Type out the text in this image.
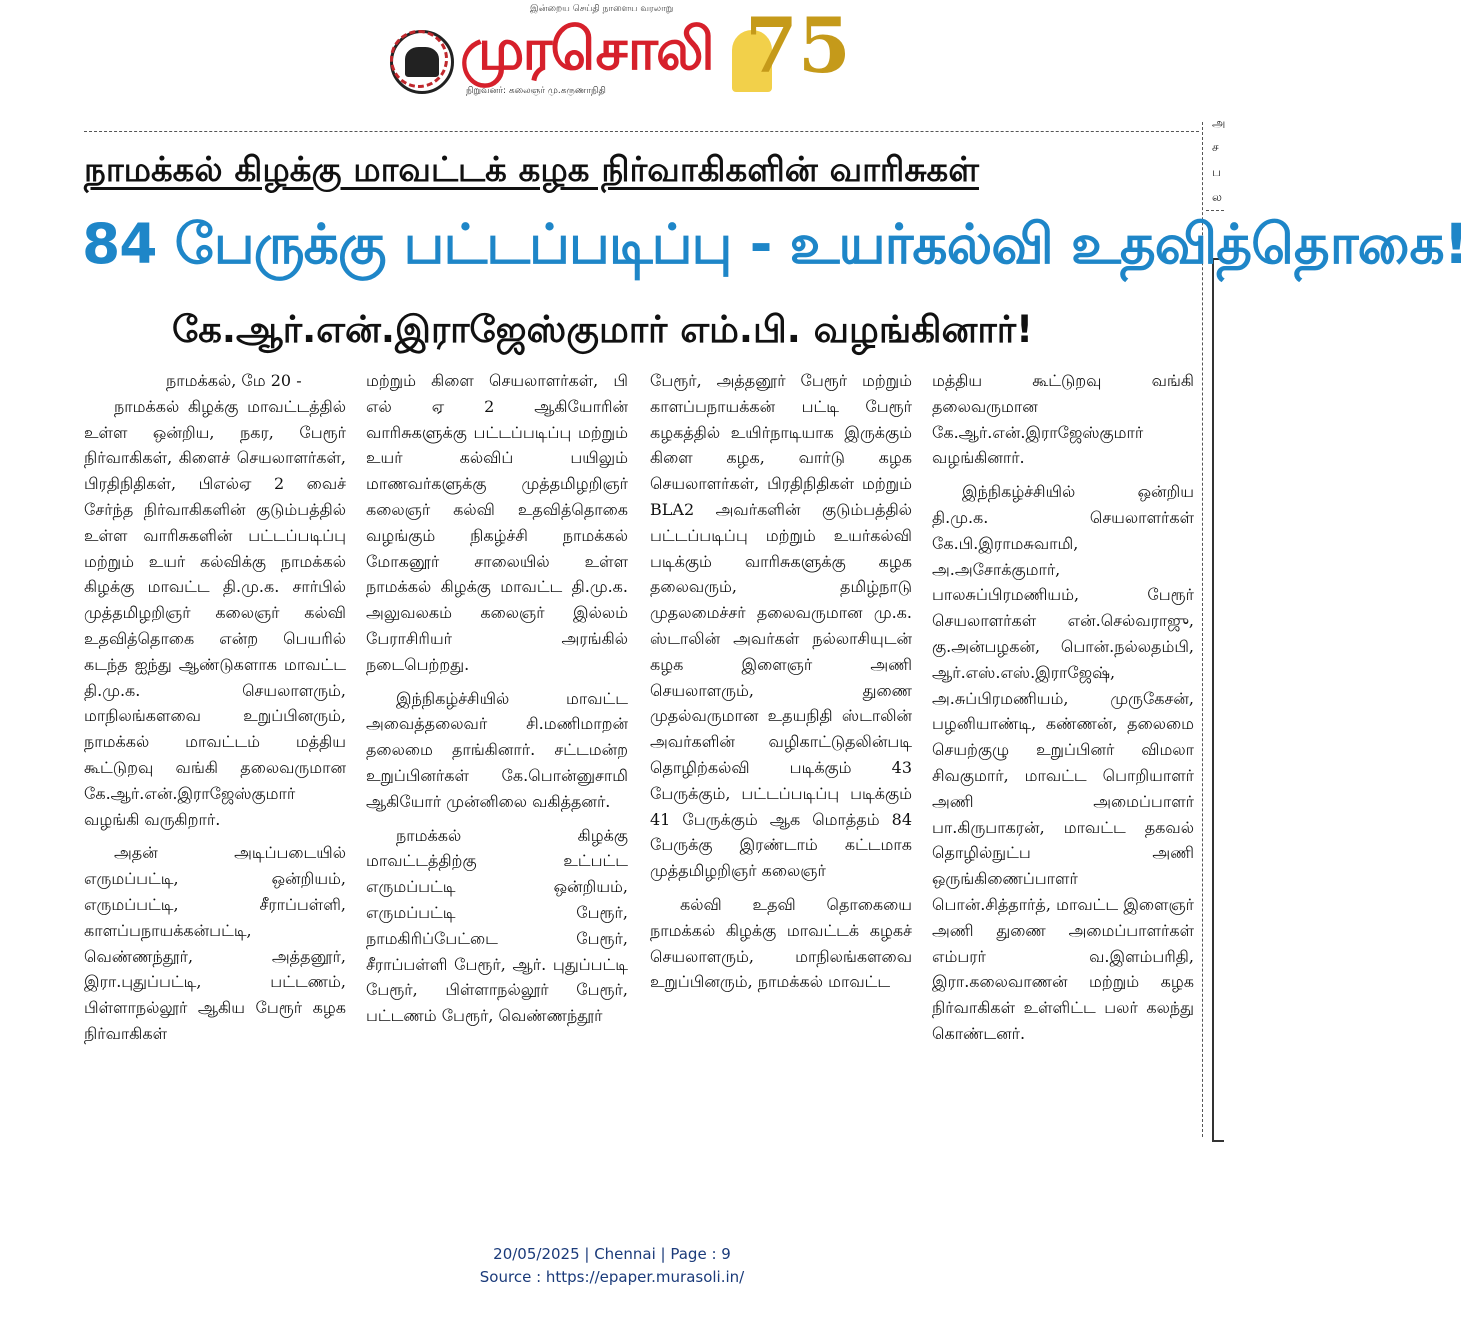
இன்றைய செய்தி நாளைய வரலாறு
முரசொலி
நிறுவனர்: கலைஞர் மு.கருணாநிதி
75
அ
ச
ப
ல
நாமக்கல் கிழக்கு மாவட்டக் கழக நிர்வாகிகளின் வாரிசுகள்
84 பேருக்கு பட்டப்படிப்பு - உயர்கல்வி உதவித்தொகை!
கே.ஆர்.என்.இராஜேஸ்குமார் எம்.பி. வழங்கினார்!

நாமக்கல், மே 20 -

நாமக்கல் கிழக்கு மாவட்டத்தில் உள்ள ஒன்றிய, நகர, பேரூர் நிர்வாகிகள், கிளைச் செயலாளர்கள், பிரதிநிதிகள், பிஎல்ஏ 2 வைச் சேர்ந்த நிர்வாகிகளின் குடும்பத்தில் உள்ள வாரிசுகளின் பட்டப்படிப்பு மற்றும் உயர் கல்விக்கு நாமக்கல் கிழக்கு மாவட்ட தி.மு.க. சார்பில் முத்தமிழறிஞர் கலைஞர் கல்வி உதவித்தொகை என்ற பெயரில் கடந்த ஐந்து ஆண்டுகளாக மாவட்ட தி.மு.க. செயலாளரும், மாநிலங்களவை உறுப்பினரும், நாமக்கல் மாவட்டம் மத்திய கூட்டுறவு வங்கி தலைவருமான கே.ஆர்.என்.இராஜேஸ்குமார் வழங்கி வருகிறார்.

அதன் அடிப்படையில் எருமப்பட்டி, ஒன்றியம், எருமப்பட்டி, சீராப்பள்ளி, காளப்பநாயக்கன்பட்டி, வெண்ணந்தூர், அத்தனூர், இரா.புதுப்பட்டி, பட்டணம், பிள்ளாநல்லூர் ஆகிய பேரூர் கழக நிர்வாகிகள்

மற்றும் கிளை செயலாளர்கள், பி எல் ஏ 2 ஆகியோரின் வாரிசுகளுக்கு பட்டப்படிப்பு மற்றும் உயர் கல்விப் பயிலும் மாணவர்களுக்கு முத்தமிழறிஞர் கலைஞர் கல்வி உதவித்தொகை வழங்கும் நிகழ்ச்சி நாமக்கல் மோகனூர் சாலையில் உள்ள நாமக்கல் கிழக்கு மாவட்ட தி.மு.க. அலுவலகம் கலைஞர் இல்லம் பேராசிரியர் அரங்கில் நடைபெற்றது.

இந்நிகழ்ச்சியில் மாவட்ட அவைத்தலைவர் சி.மணிமாறன் தலைமை தாங்கினார். சட்டமன்ற உறுப்பினர்கள் கே.பொன்னுசாமி ஆகியோர் முன்னிலை வகித்தனர்.

நாமக்கல் கிழக்கு மாவட்டத்திற்கு உட்பட்ட எருமப்பட்டி ஒன்றியம், எருமப்பட்டி பேரூர், நாமகிரிப்பேட்டை பேரூர், சீராப்பள்ளி பேரூர், ஆர். புதுப்பட்டி பேரூர், பிள்ளாநல்லூர் பேரூர், பட்டணம் பேரூர், வெண்ணந்தூர்

பேரூர், அத்தனூர் பேரூர் மற்றும் காளப்பநாயக்கன் பட்டி பேரூர் கழகத்தில் உயிர்நாடியாக இருக்கும் கிளை கழக, வார்டு கழக செயலாளர்கள், பிரதிநிதிகள் மற்றும் BLA2 அவர்களின் குடும்பத்தில் பட்டப்படிப்பு மற்றும் உயர்கல்வி படிக்கும் வாரிசுகளுக்கு கழக தலைவரும், தமிழ்நாடு முதலமைச்சர் தலைவருமான மு.க. ஸ்டாலின் அவர்கள் நல்லாசியுடன் கழக இளைஞர் அணி செயலாளரும், துணை முதல்வருமான உதயநிதி ஸ்டாலின் அவர்களின் வழிகாட்டுதலின்படி தொழிற்கல்வி படிக்கும் 43 பேருக்கும், பட்டப்படிப்பு படிக்கும் 41 பேருக்கும் ஆக மொத்தம் 84 பேருக்கு இரண்டாம் கட்டமாக முத்தமிழறிஞர் கலைஞர்

கல்வி உதவி தொகையை நாமக்கல் கிழக்கு மாவட்டக் கழகச் செயலாளரும், மாநிலங்களவை உறுப்பினரும், நாமக்கல் மாவட்ட

மத்திய கூட்டுறவு வங்கி தலைவருமான கே.ஆர்.என்.இராஜேஸ்குமார் வழங்கினார்.

இந்நிகழ்ச்சியில் ஒன்றிய தி.மு.க. செயலாளர்கள் கே.பி.இராமசுவாமி, அ.அசோக்குமார், பாலசுப்பிரமணியம், பேரூர் செயலாளர்கள் என்.செல்வராஜு, கு.அன்பழகன், பொன்.நல்லதம்பி, ஆர்.எஸ்.எஸ்.இராஜேஷ், அ.சுப்பிரமணியம், முருகேசன், பழனியாண்டி, கண்ணன், தலைமை செயற்குழு உறுப்பினர் விமலா சிவகுமார், மாவட்ட பொறியாளர் அணி அமைப்பாளர் பா.கிருபாகரன், மாவட்ட தகவல் தொழில்நுட்ப அணி ஒருங்கிணைப்பாளர் பொன்.சித்தார்த், மாவட்ட இளைஞர் அணி துணை அமைப்பாளர்கள் எம்பரர் வ.இளம்பரிதி, இரா.கலைவாணன் மற்றும் கழக நிர்வாகிகள் உள்ளிட்ட பலர் கலந்து கொண்டனர்.

20/05/2025 | Chennai | Page : 9
Source : https://epaper.murasoli.in/
